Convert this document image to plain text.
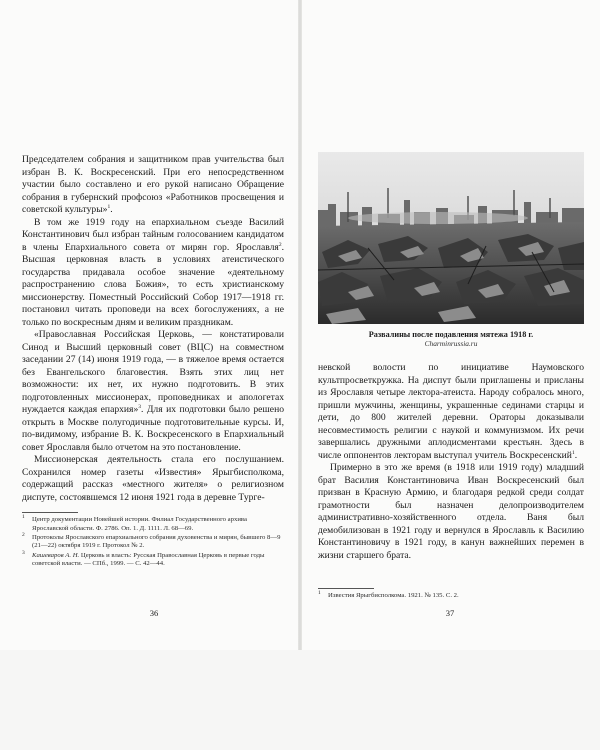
Председателем собрания и защитником прав учительства был избран В. К. Воскресенский. При его непосредственном участии было составлено и его рукой написано Обращение собрания в губернский профсоюз «Работников просвещения и советской культуры»$^1$.

В том же 1919 году на епархиальном съезде Василий Константинович был избран тайным голосованием кандидатом в члены Епархиального совета от мирян гор. Ярославля$^2$. Высшая церковная власть в условиях атеистического государства придавала особое значение «деятельному распространению слова Божия», то есть христианскому миссионерству. Поместный Российский Собор 1917—1918 гг. постановил читать проповеди на всех богослужениях, а не только по воскресным дням и великим праздникам.

«Православная Российская Церковь, — констатировали Синод и Высший церковный совет (ВЦС) на совместном заседании 27 (14) июня 1919 года, — в тяжелое время остается без Евангельского благовестия. Взять этих лиц нет возможности: их нет, их нужно подготовить. В этих подготовленных миссионерах, проповедниках и апологетах нуждается каждая епархия»$^3$. Для их подготовки было решено открыть в Москве полугодичные подготовительные курсы. И, по-видимому, избрание В. К. Воскресенского в Епархиальный совет Ярославля было отчетом на это постановление.

Миссионерская деятельность стала его послушанием. Сохранился номер газеты «Известия» Ярыгбисполкома, содержащий рассказ «местного жителя» о религиозном диспуте, состоявшемся 12 июня 1921 года в деревне Турге-

$^1$ Центр документации Новейшей истории. Филиал Государственного архива Ярославской области. Ф. 2786. Оп. 1. Д. 1111. Л. 68—69.

$^2$ Протоколы Ярославского епархиального собрания духовенства и мирян, бывшего 8—9 (21—22) октября 1919 г. Протокол № 2.

$^3$ Кашеваров А. Н. Церковь и власть: Русская Православная Церковь в первые годы советской власти. — СПб., 1999. — С. 42—44.

36
Развалины после подавления мятежа 1918 г.
Charminrussia.ru

невской волости по инициативе Наумовского культпросветкружка. На диспут были приглашены и присланы из Ярославля четыре лектора-атеиста. Народу собралось много, пришли мужчины, женщины, украшенные сединами старцы и дети, до 800 жителей деревни. Ораторы доказывали несовместимость религии с наукой и коммунизмом. Их речи завершались дружными аплодисментами крестьян. Здесь в числе оппонентов лекторам выступал учитель Воскресенский$^1$.

Примерно в это же время (в 1918 или 1919 году) младший брат Василия Константиновича Иван Воскресенский был призван в Красную Армию, и благодаря редкой среди солдат грамотности был назначен делопроизводителем административно-хозяйственного отдела. Ваня был демобилизован в 1921 году и вернулся в Ярославль к Василию Константиновичу в 1921 году, в канун важнейших перемен в жизни старшего брата.

$^1$ Известия Ярыгбисполкома. 1921. № 135. С. 2.

37
